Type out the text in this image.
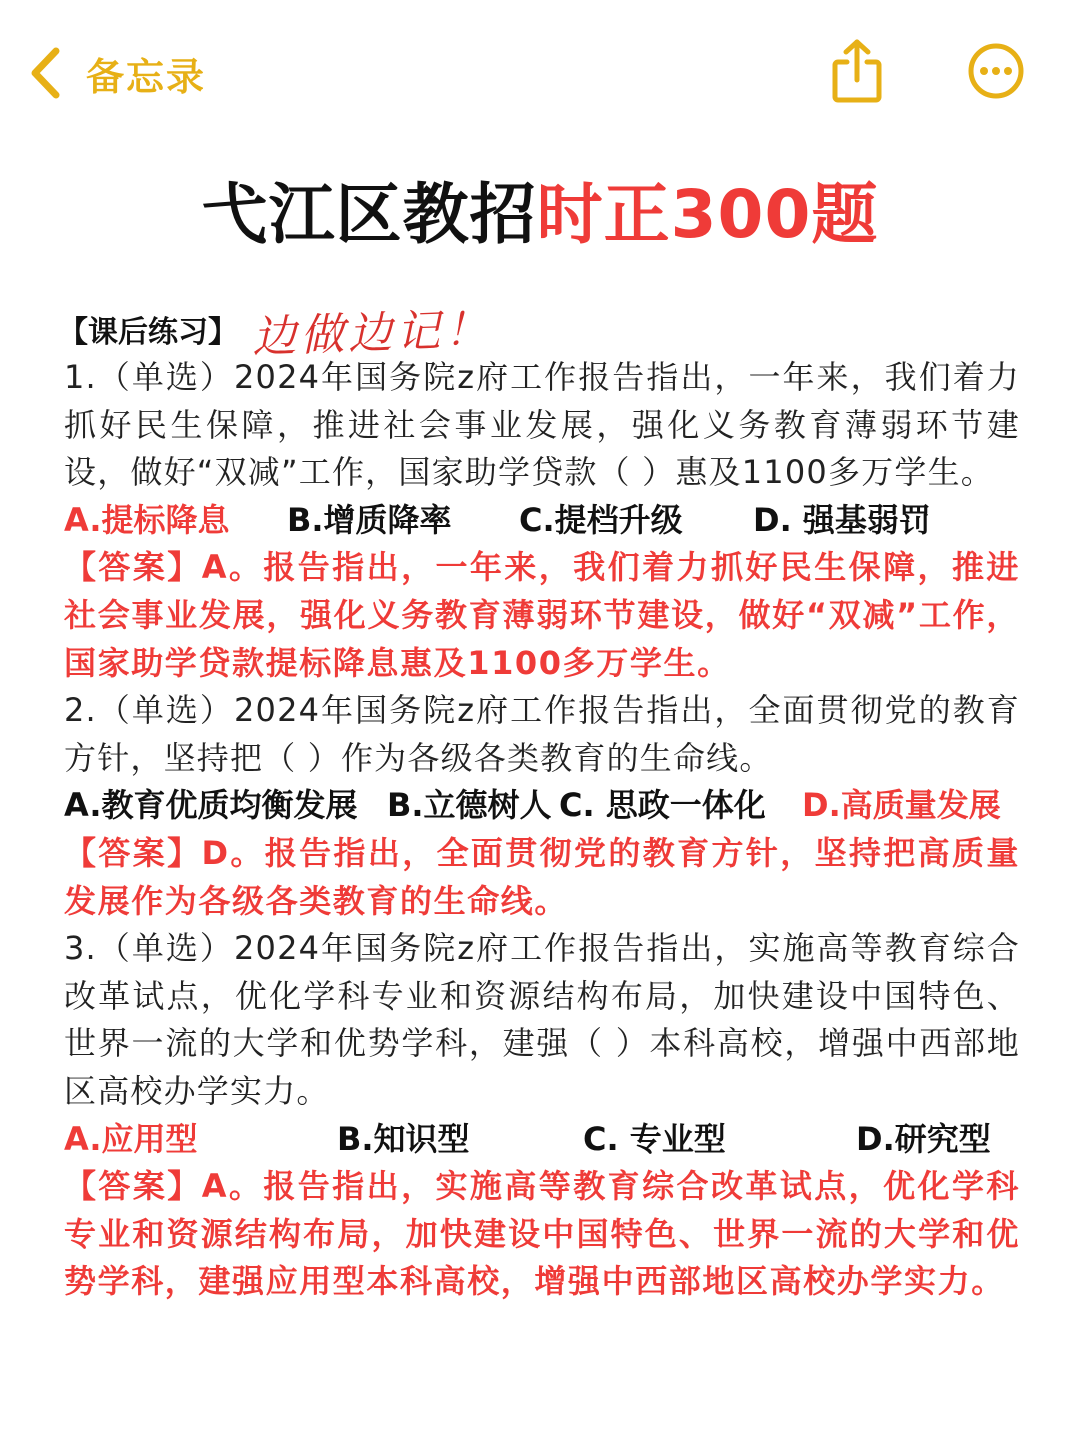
备忘录
弋江区教招时正300题
【课后练习】 边做边记！

1.（单选）2024年国务院z府工作报告指出，一年来，我们着力抓好民生保障，推进社会事业发展，强化义务教育薄弱环节建设，做好“双减”工作，国家助学贷款（ ）惠及1100多万学生。

A.提标降息	B.增质降率	C.提档升级	D. 强基弱罚

【答案】A。报告指出，一年来，我们着力抓好民生保障，推进社会事业发展，强化义务教育薄弱环节建设，做好“双减”工作，国家助学贷款提标降息惠及1100多万学生。

2.（单选）2024年国务院z府工作报告指出，全面贯彻党的教育方针，坚持把（ ）作为各级各类教育的生命线。

A.教育优质均衡发展 B.立德树人 C. 思政一体化	D.高质量发展

【答案】D。报告指出，全面贯彻党的教育方针，坚持把高质量发展作为各级各类教育的生命线。

3.（单选）2024年国务院z府工作报告指出，实施高等教育综合改革试点，优化学科专业和资源结构布局，加快建设中国特色、世界一流的大学和优势学科，建强（ ）本科高校，增强中西部地区高校办学实力。

A.应用型	B.知识型	C. 专业型	D.研究型

【答案】A。报告指出，实施高等教育综合改革试点，优化学科专业和资源结构布局，加快建设中国特色、世界一流的大学和优势学科，建强应用型本科高校，增强中西部地区高校办学实力。
